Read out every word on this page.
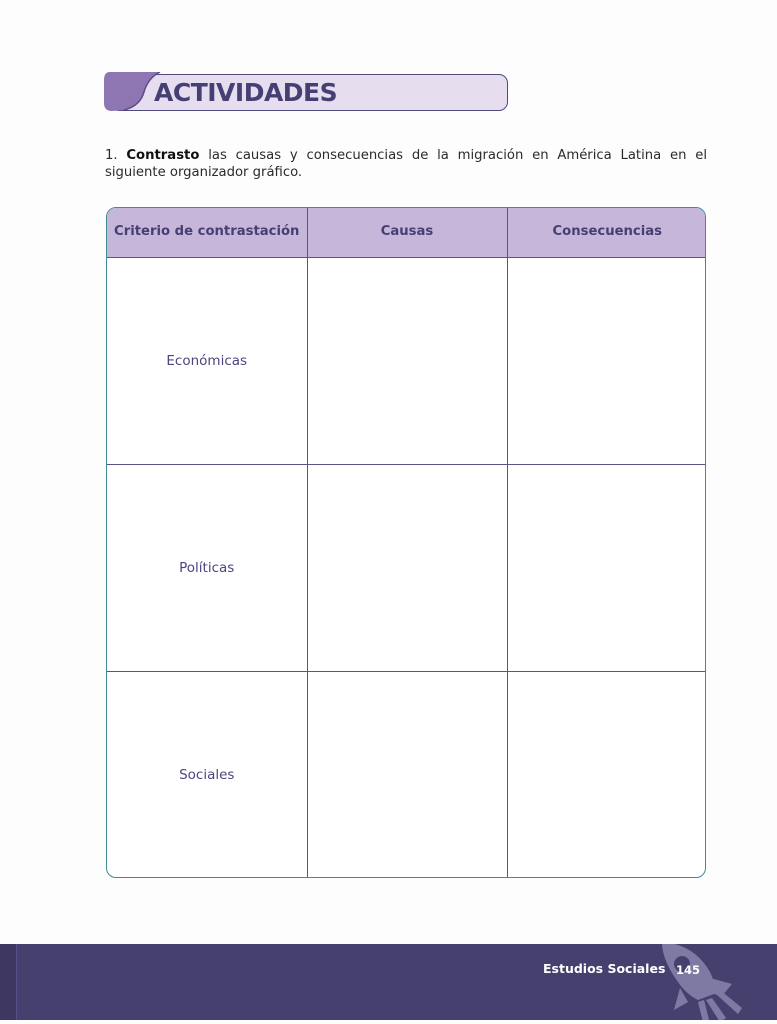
ACTIVIDADES

1. Contrasto las causas y consecuencias de la migración en América Latina en el siguiente organizador gráfico.

Criterio de contrastación	Causas	Consecuencias
Económicas		
Políticas		
Sociales		
Estudios Sociales 145
